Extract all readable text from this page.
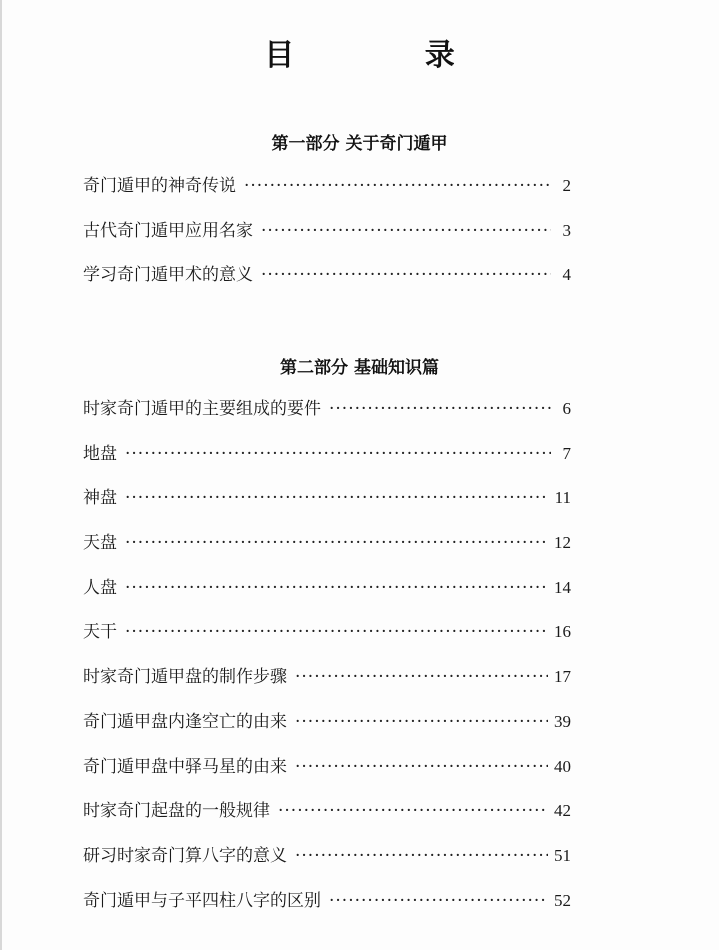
目 录
第一部分 关于奇门遁甲
奇门遁甲的神奇传说 ·····	2
古代奇门遁甲应用名家 ·····	3
学习奇门遁甲术的意义 ·····	4
第二部分 基础知识篇
时家奇门遁甲的主要组成的要件 ·····	6
地盘 ·····	7
神盘 ·····	11
天盘 ·····	12
人盘 ·····	14
天干 ·····	16
时家奇门遁甲盘的制作步骤 ·····	17
奇门遁甲盘内逢空亡的由来 ·····	39
奇门遁甲盘中驿马星的由来 ·····	40
时家奇门起盘的一般规律 ·····	42
研习时家奇门算八字的意义 ·····	51
奇门遁甲与子平四柱八字的区别 ·····	52
